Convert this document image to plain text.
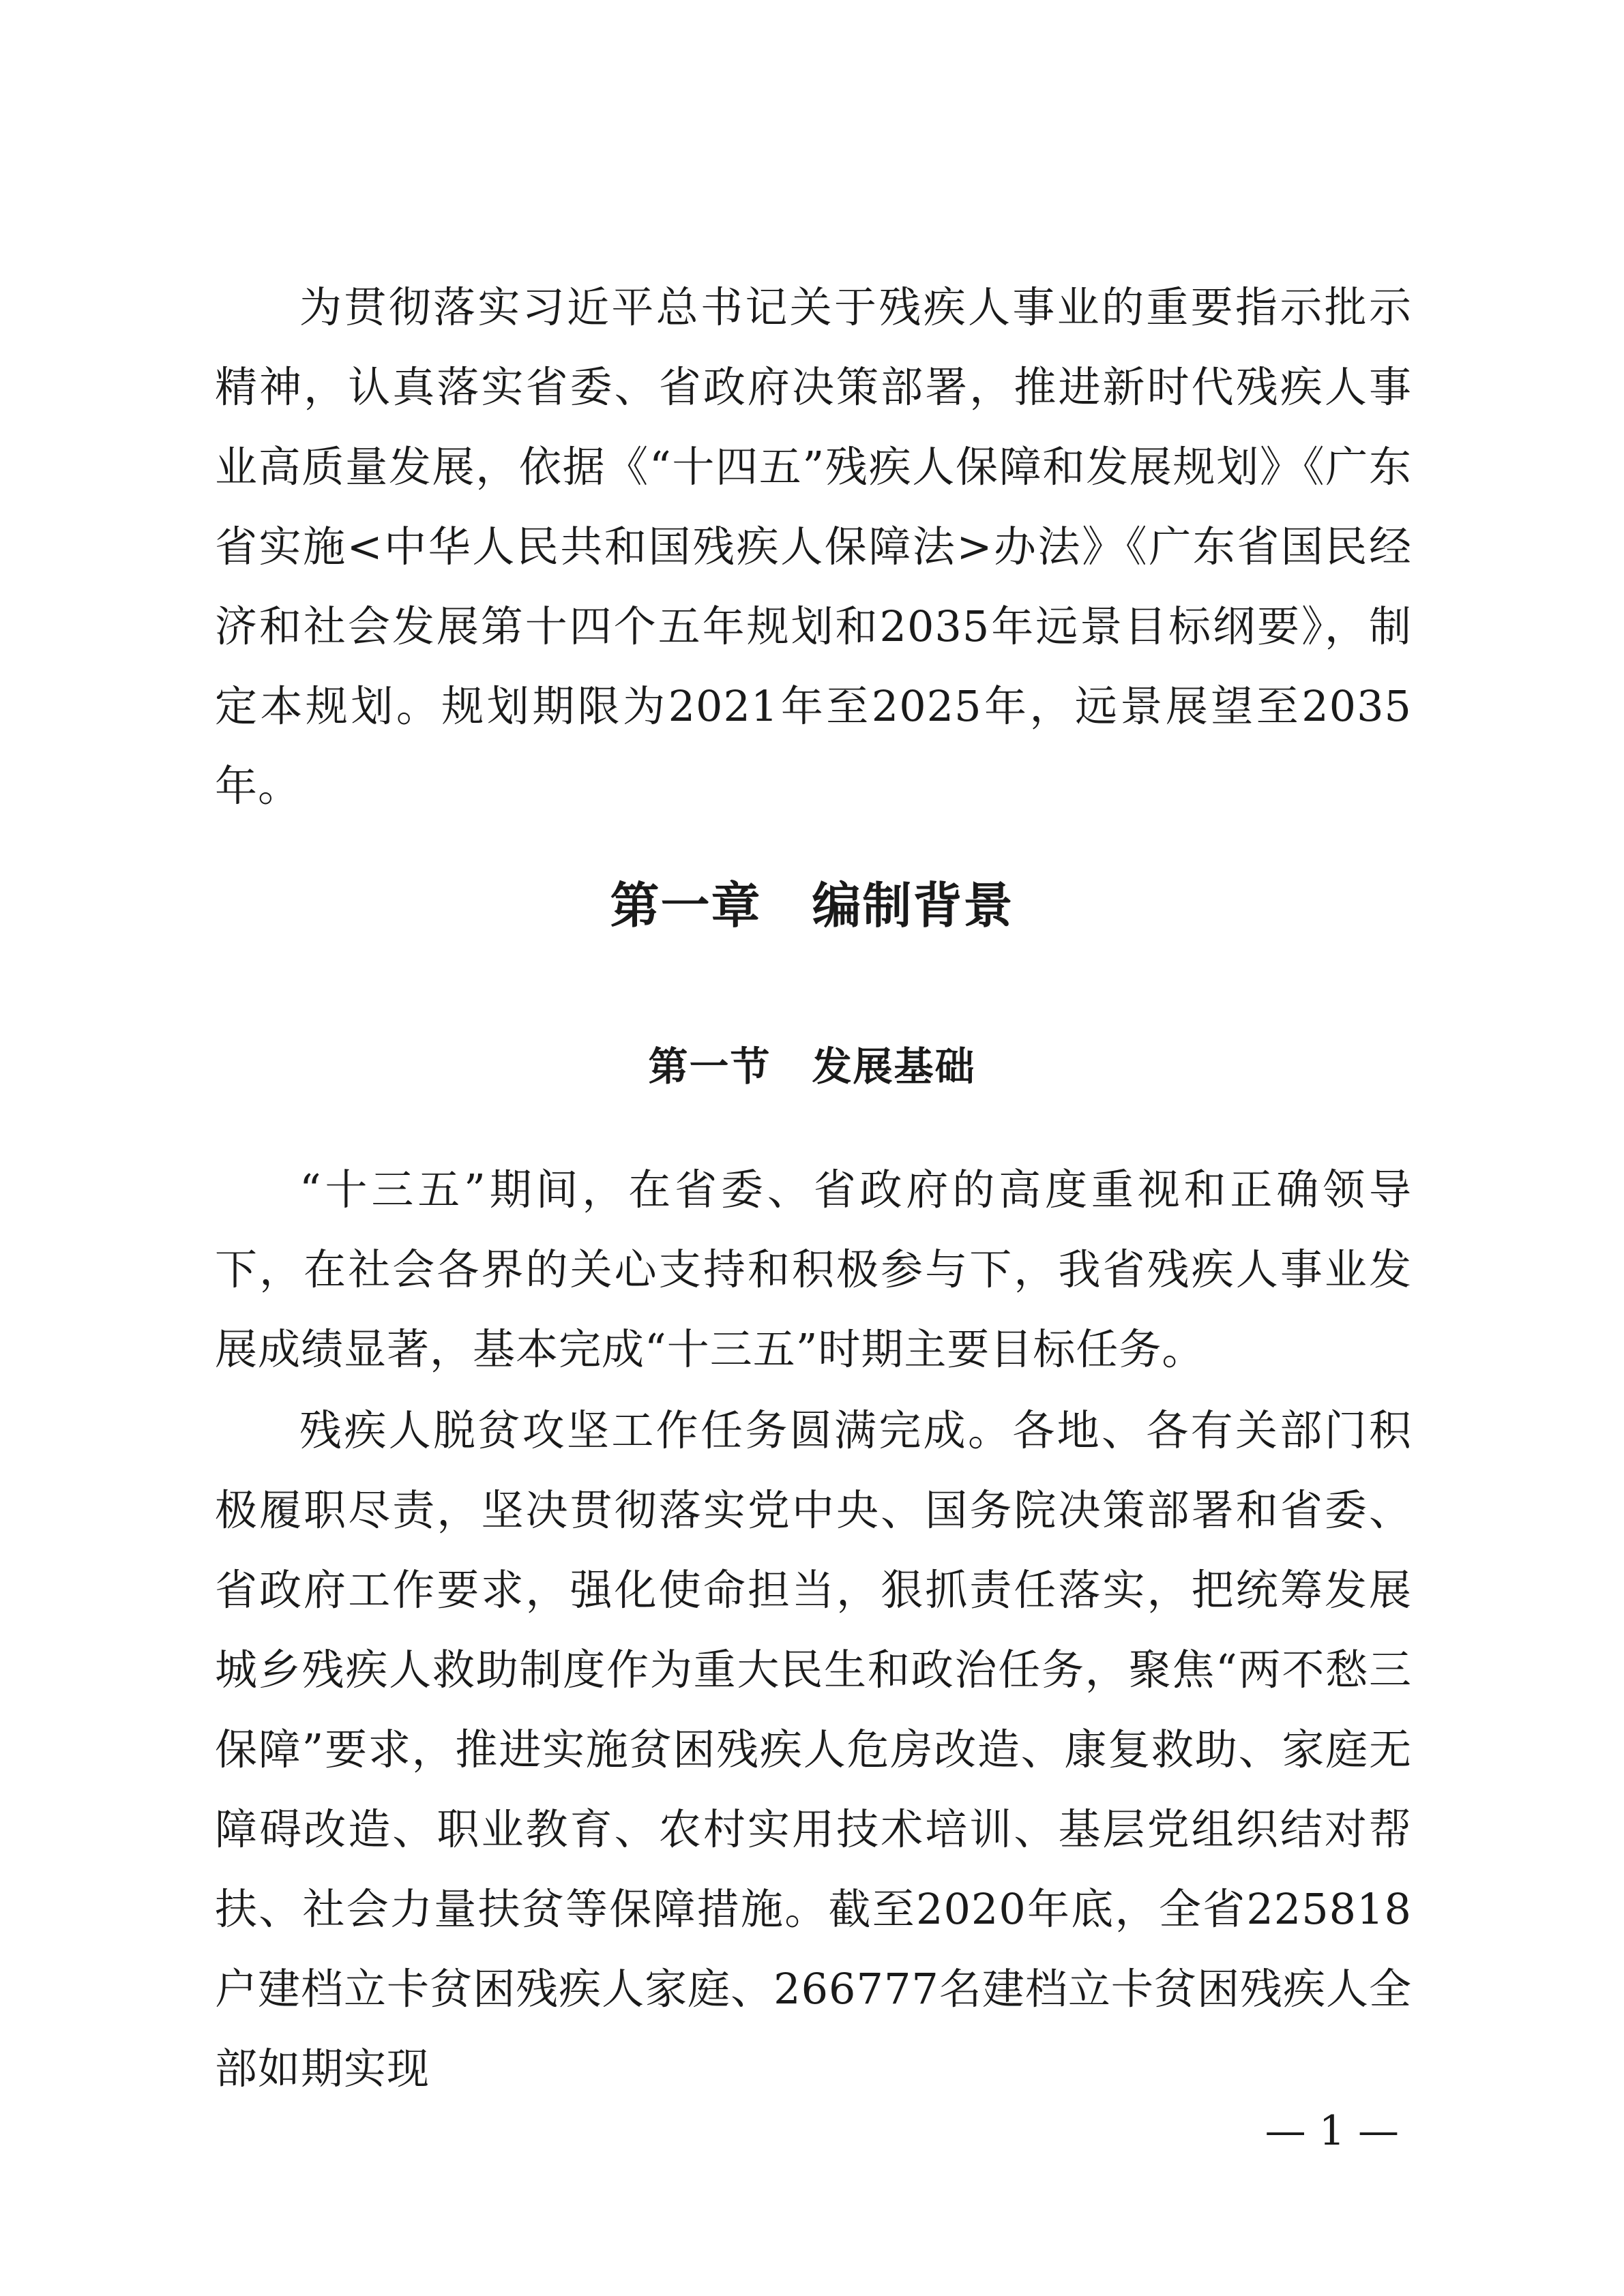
为贯彻落实习近平总书记关于残疾人事业的重要指示批示精神，认真落实省委、省政府决策部署，推进新时代残疾人事业高质量发展，依据《“十四五”残疾人保障和发展规划》《广东省实施<中华人民共和国残疾人保障法>办法》《广东省国民经济和社会发展第十四个五年规划和2035年远景目标纲要》，制定本规划。规划期限为2021年至2025年，远景展望至2035年。

第一章　编制背景
第一节　发展基础

“十三五”期间，在省委、省政府的高度重视和正确领导下，在社会各界的关心支持和积极参与下，我省残疾人事业发展成绩显著，基本完成“十三五”时期主要目标任务。

残疾人脱贫攻坚工作任务圆满完成。各地、各有关部门积极履职尽责，坚决贯彻落实党中央、国务院决策部署和省委、省政府工作要求，强化使命担当，狠抓责任落实，把统筹发展城乡残疾人救助制度作为重大民生和政治任务，聚焦“两不愁三保障”要求，推进实施贫困残疾人危房改造、康复救助、家庭无障碍改造、职业教育、农村实用技术培训、基层党组织结对帮扶、社会力量扶贫等保障措施。截至2020年底，全省225818户建档立卡贫困残疾人家庭、266777名建档立卡贫困残疾人全部如期实现

— 1 —
